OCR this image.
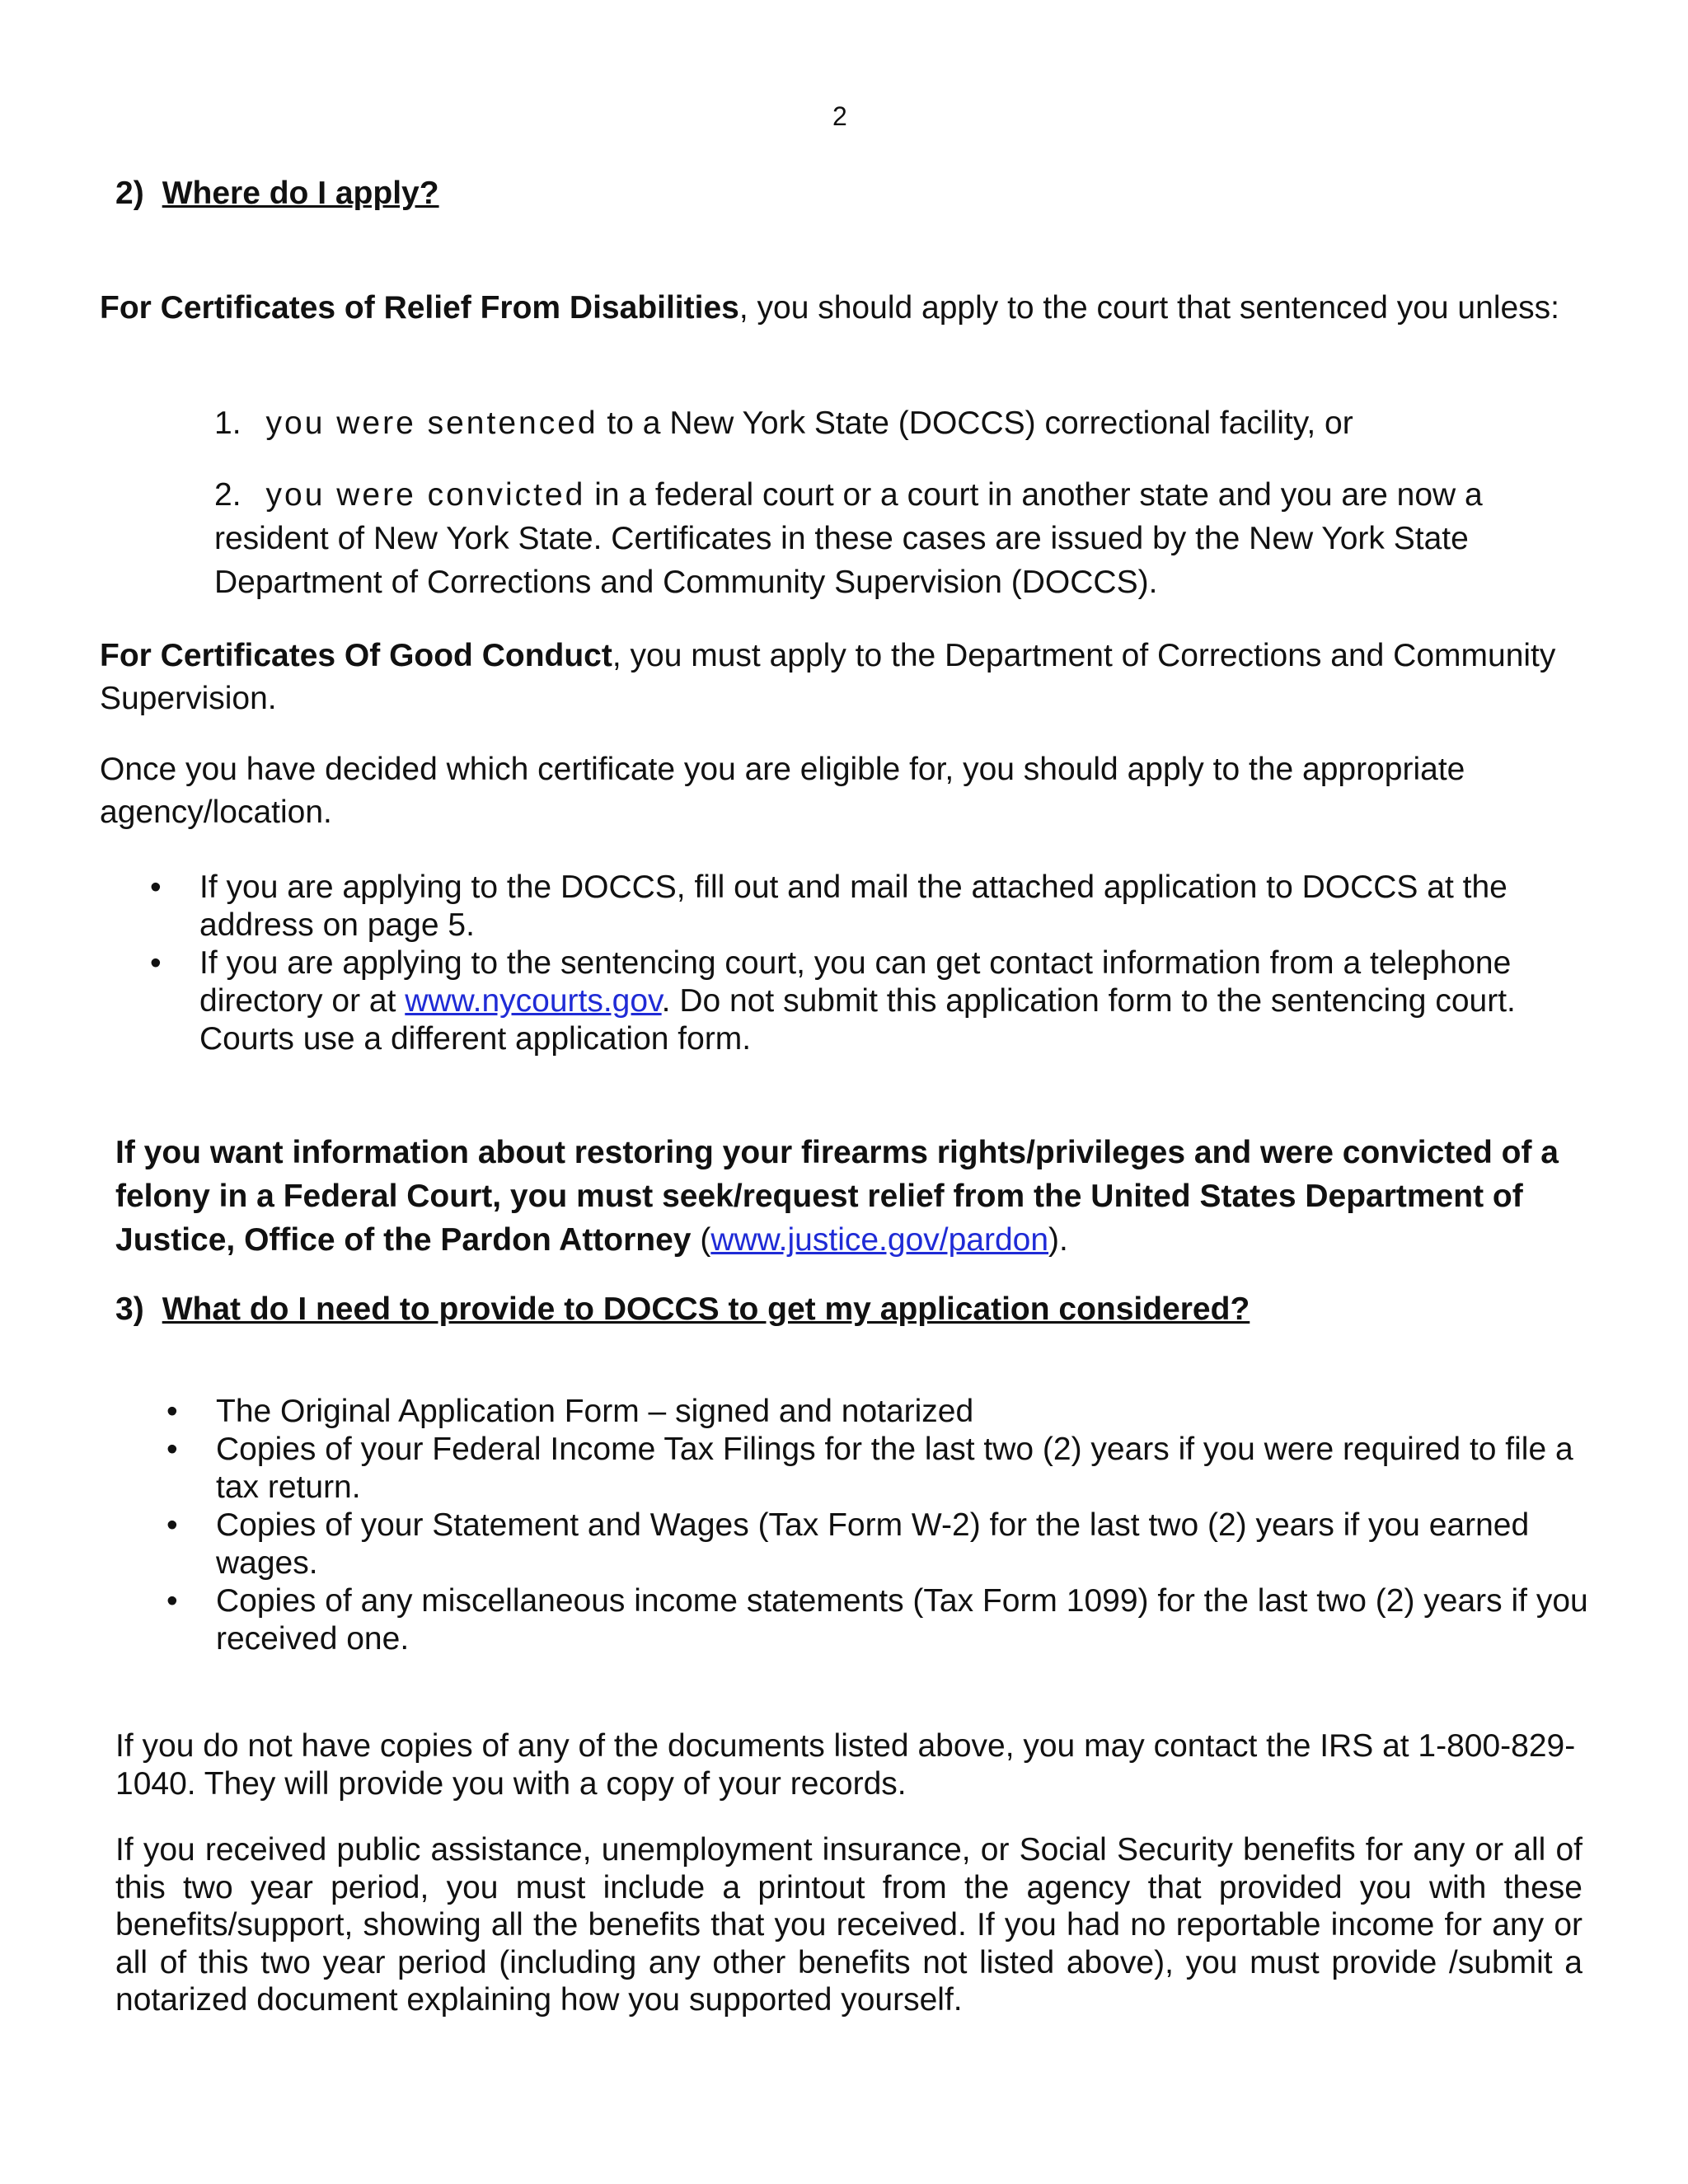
2
2) Where do I apply?

For Certificates of Relief From Disabilities, you should apply to the court that sentenced you unless:

1. you were sentenced to a New York State (DOCCS) correctional facility, or

2. you were convicted in a federal court or a court in another state and you are now a resident of New York State. Certificates in these cases are issued by the New York State Department of Corrections and Community Supervision (DOCCS).

For Certificates Of Good Conduct, you must apply to the Department of Corrections and Community Supervision.

Once you have decided which certificate you are eligible for, you should apply to the appropriate agency/location.

• If you are applying to the DOCCS, fill out and mail the attached application to DOCCS at the address on page 5.
• If you are applying to the sentencing court, you can get contact information from a telephone directory or at www.nycourts.gov. Do not submit this application form to the sentencing court. Courts use a different application form.

If you want information about restoring your firearms rights/privileges and were convicted of a felony in a Federal Court, you must seek/request relief from the United States Department of Justice, Office of the Pardon Attorney (www.justice.gov/pardon).

3) What do I need to provide to DOCCS to get my application considered?
• The Original Application Form – signed and notarized
• Copies of your Federal Income Tax Filings for the last two (2) years if you were required to file a tax return.
• Copies of your Statement and Wages (Tax Form W-2) for the last two (2) years if you earned wages.
• Copies of any miscellaneous income statements (Tax Form 1099) for the last two (2) years if you received one.

If you do not have copies of any of the documents listed above, you may contact the IRS at 1-800-829-1040. They will provide you with a copy of your records.

If you received public assistance, unemployment insurance, or Social Security benefits for any or all of this two year period, you must include a printout from the agency that provided you with these benefits/support, showing all the benefits that you received. If you had no reportable income for any or all of this two year period (including any other benefits not listed above), you must provide /submit a notarized document explaining how you supported yourself.
